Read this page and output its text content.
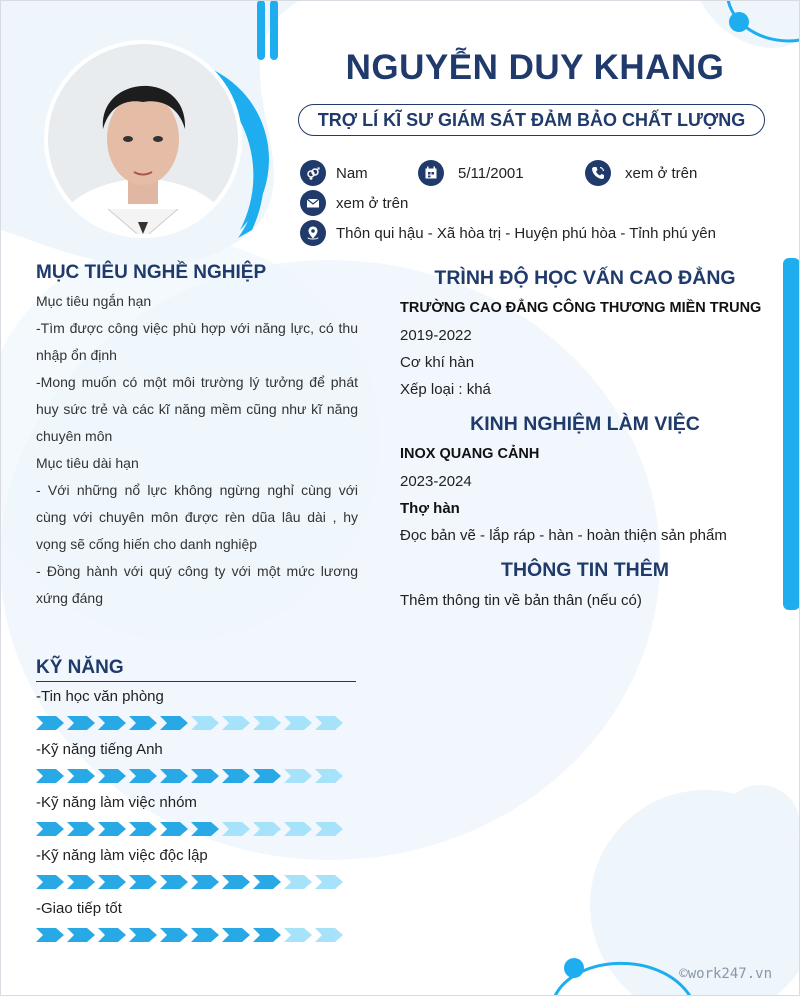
NGUYỄN DUY KHANG
TRỢ LÍ KĨ SƯ GIÁM SÁT ĐẢM BẢO CHẤT LƯỢNG
Nam	5/11/2001	xem ở trên
xem ở trên
Thôn qui hậu - Xã hòa trị - Huyện phú hòa - Tỉnh phú yên
MỤC TIÊU NGHỀ NGHIỆP

Mục tiêu ngắn hạn

-Tìm được công việc phù hợp với năng lực, có thu nhập ổn định

-Mong muốn có một môi trường lý tưởng để phát huy sức trẻ và các kĩ năng mềm cũng như kĩ năng chuyên môn

Mục tiêu dài hạn

- Với những nổ lực không ngừng nghỉ cùng với cùng với chuyên môn được rèn dũa lâu dài , hy vọng sẽ cống hiến cho danh nghiệp

- Đồng hành với quý công ty với một mức lương xứng đáng

KỸ NĂNG
-Tin học văn phòng
-Kỹ năng tiếng Anh
-Kỹ năng làm việc nhóm
-Kỹ năng làm việc độc lập
-Giao tiếp tốt
TRÌNH ĐỘ HỌC VẤN CAO ĐẲNG
TRƯỜNG CAO ĐẲNG CÔNG THƯƠNG MIỀN TRUNG
2019-2022
Cơ khí hàn
Xếp loại : khá
KINH NGHIỆM LÀM VIỆC
INOX QUANG CẢNH
2023-2024
Thợ hàn
Đọc bản vẽ - lắp ráp - hàn - hoàn thiện sản phẩm
THÔNG TIN THÊM
Thêm thông tin về bản thân (nếu có)
©work247.vn
